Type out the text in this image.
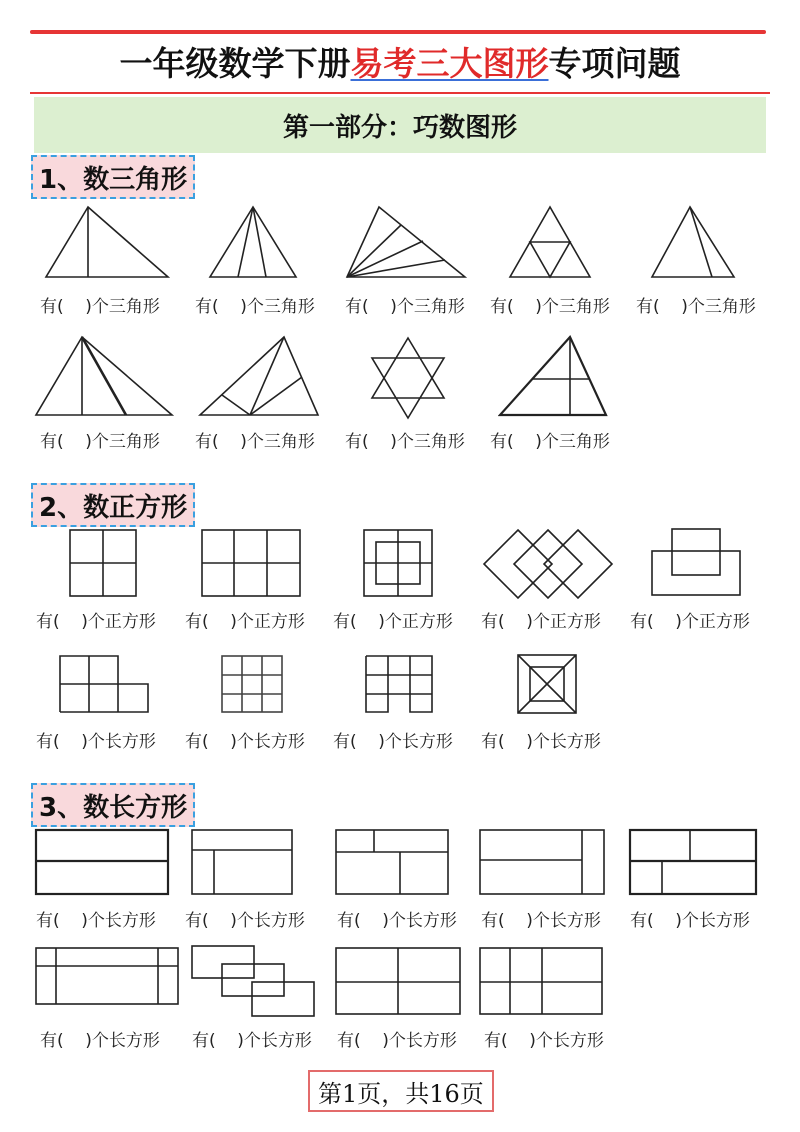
一年级数学下册易考三大图形专项问题
第一部分：巧数图形
1、数三角形
有(    )个三角形 有(    )个三角形 有(    )个三角形 有(    )个三角形 有(    )个三角形
有(    )个三角形 有(    )个三角形 有(    )个三角形 有(    )个三角形
2、数正方形
有(    )个正方形 有(    )个正方形 有(    )个正方形 有(    )个正方形 有(    )个正方形
有(    )个长方形 有(    )个长方形 有(    )个长方形 有(    )个长方形
3、数长方形
有(    )个长方形 有(    )个长方形 有(    )个长方形 有(    )个长方形 有(    )个长方形
有(    )个长方形 有(    )个长方形 有(    )个长方形 有(    )个长方形
第1页，共16页
